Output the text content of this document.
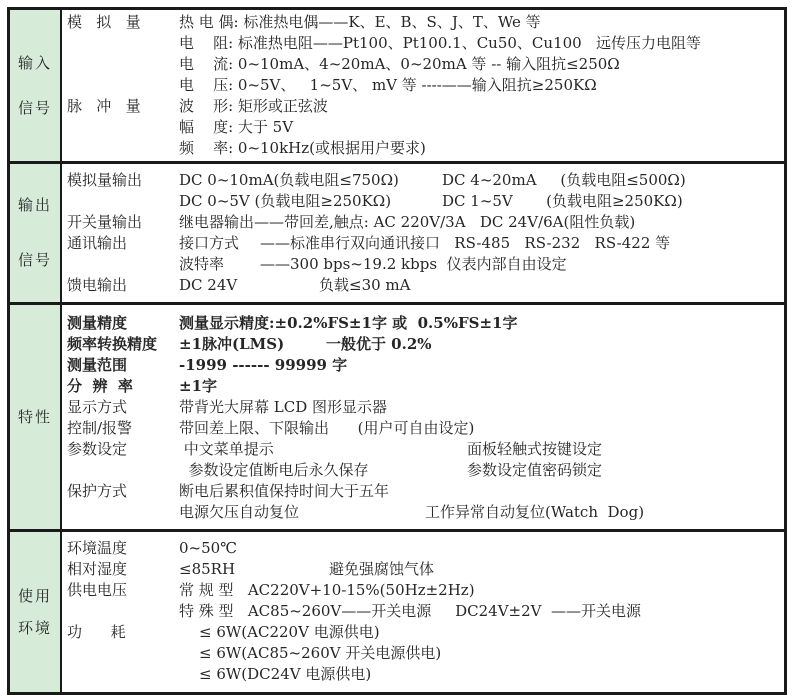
输入
信号
模   拟   量	热 电 偶: 标准热电偶——K、E、B、S、J、T、We 等
电    阻: 标准热电阻——Pt100、Pt100.1、Cu50、Cu100   远传压力电阻等
电    流: 0~10mA、4~20mA、0~20mA 等 -- 输入阻抗≤250Ω
电    压: 0~5V、   1~5V、 mV 等 ----——输入阻抗≥250KΩ
脉   冲   量	波    形: 矩形或正弦波
幅    度: 大于 5V
频    率: 0~10kHz(或根据用户要求)
输出
信号
模拟量输出	DC 0~10mA(负载电阻≤750Ω)	DC 4~20mA     (负载电阻≤500Ω)
DC 0~5V (负载电阻≥250KΩ)	DC 1~5V       (负载电阻≥250KΩ)
开关量输出	继电器输出——带回差,触点: AC 220V/3A   DC 24V/6A(阻性负载)
通讯输出	接口方式 ——标准串行双向通讯接口   RS-485   RS-232   RS-422 等
波特率 ——300 bps~19.2 kbps  仪表内部自由设定
馈电输出	DC 24V	负载≤30 mA
特性
测量精度	测量显示精度:±0.2%FS±1字 或  0.5%FS±1字
频率转换精度	±1脉冲(LMS)        一般优于 0.2%
测量范围	-1999 ------ 99999 字
分  辨  率	±1字
显示方式	带背光大屏幕 LCD 图形显示器
控制/报警	带回差上限、下限输出      (用户可自由设定)
参数设定	中文菜单提示	面板轻触式按键设定
参数设定值断电后永久保存	参数设定值密码锁定
保护方式	断电后累积值保持时间大于五年
电源欠压自动复位	工作异常自动复位(Watch  Dog)
使用
环境
环境温度	0~50℃
相对湿度	≤85RH	避免强腐蚀气体
供电电压	常 规 型   AC220V+10-15%(50Hz±2Hz)
特 殊 型   AC85~260V——开关电源     DC24V±2V  ——开关电源
功      耗	≤ 6W(AC220V 电源供电)
≤ 6W(AC85~260V 开关电源供电)
≤ 6W(DC24V 电源供电)
